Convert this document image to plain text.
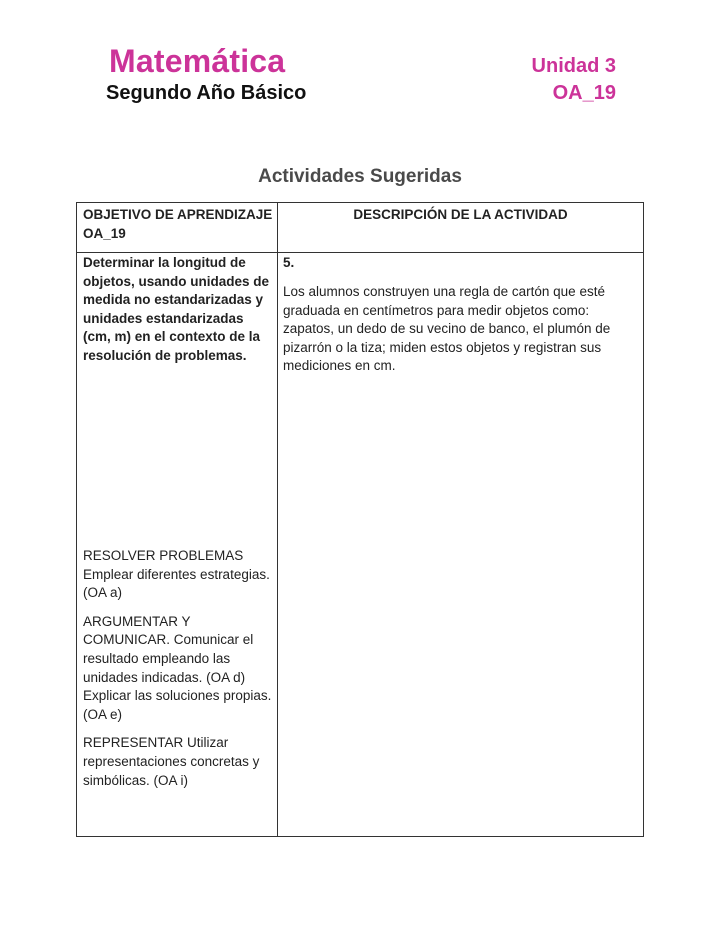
Matemática
Segundo Año Básico
Unidad 3
OA_19
Actividades Sugeridas
OBJETIVO DE APRENDIZAJE OA_19
DESCRIPCIÓN DE LA ACTIVIDAD
Determinar la longitud de objetos, usando unidades de medida no estandarizadas y unidades estandarizadas (cm, m) en el contexto de la resolución de problemas.

RESOLVER PROBLEMAS Emplear diferentes estrategias. (OA a)

ARGUMENTAR Y COMUNICAR. Comunicar el resultado empleando las unidades indicadas. (OA d) Explicar las soluciones propias. (OA e)

REPRESENTAR Utilizar representaciones concretas y simbólicas. (OA i)

5.
Los alumnos construyen una regla de cartón que esté graduada en centímetros para medir objetos como: zapatos, un dedo de su vecino de banco, el plumón de pizarrón o la tiza; miden estos objetos y registran sus mediciones en cm.
